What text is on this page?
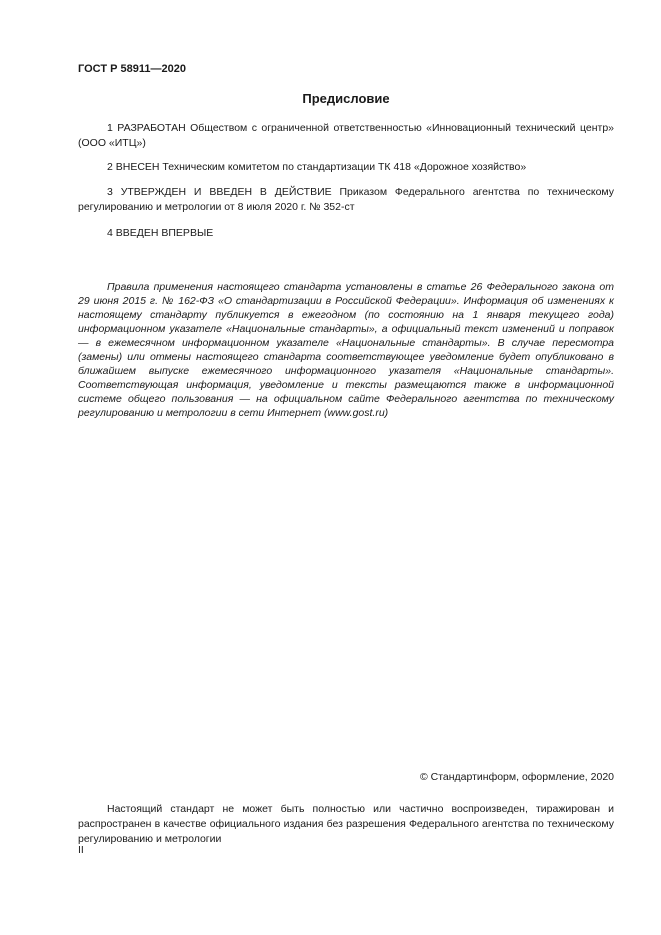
ГОСТ Р 58911—2020
Предисловие

1 РАЗРАБОТАН Обществом с ограниченной ответственностью «Инновационный технический центр» (ООО «ИТЦ»)

2 ВНЕСЕН Техническим комитетом по стандартизации ТК 418 «Дорожное хозяйство»

3 УТВЕРЖДЕН И ВВЕДЕН В ДЕЙСТВИЕ Приказом Федерального агентства по техническому регулированию и метрологии от 8 июля 2020 г. № 352-ст

4 ВВЕДЕН ВПЕРВЫЕ

Правила применения настоящего стандарта установлены в статье 26 Федерального закона от 29 июня 2015 г. № 162-ФЗ «О стандартизации в Российской Федерации». Информация об изменениях к настоящему стандарту публикуется в ежегодном (по состоянию на 1 января текущего года) информационном указателе «Национальные стандарты», а официальный текст изменений и поправок — в ежемесячном информационном указателе «Национальные стандарты». В случае пересмотра (замены) или отмены настоящего стандарта соответствующее уведомление будет опубликовано в ближайшем выпуске ежемесячного информационного указателя «Национальные стандарты». Соответствующая информация, уведомление и тексты размещаются также в информационной системе общего пользования — на официальном сайте Федерального агентства по техническому регулированию и метрологии в сети Интернет (www.gost.ru)

© Стандартинформ, оформление, 2020

Настоящий стандарт не может быть полностью или частично воспроизведен, тиражирован и распространен в качестве официального издания без разрешения Федерального агентства по техническому регулированию и метрологии

II
